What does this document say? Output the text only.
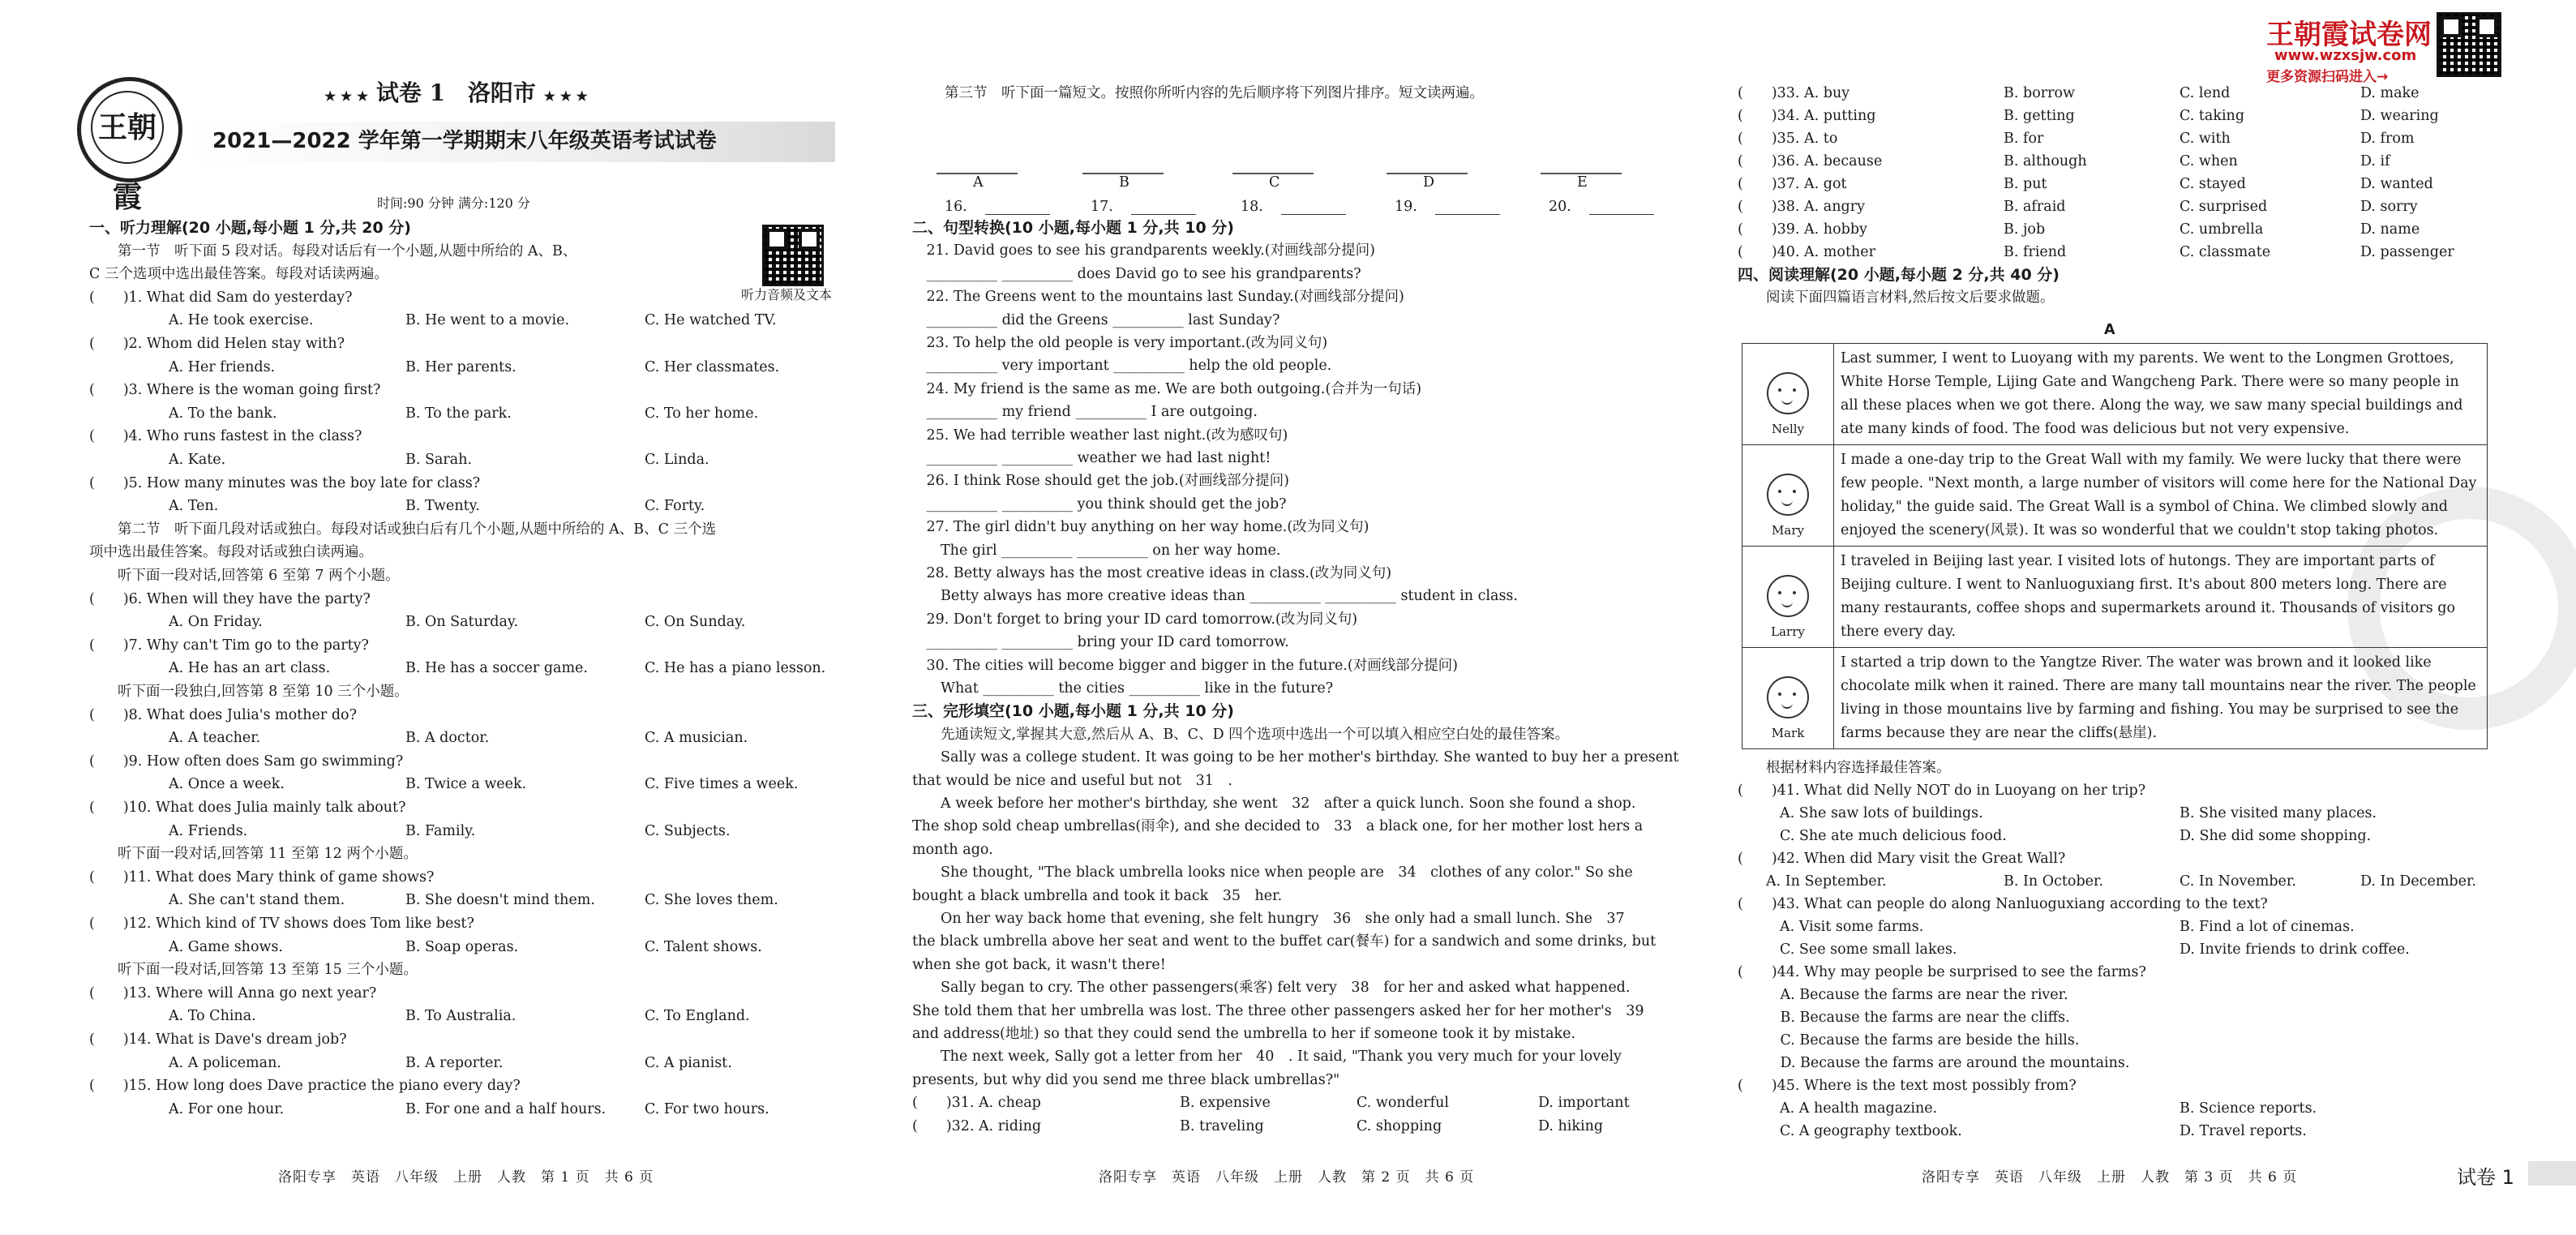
王朝霞
★ ★ ★ 试卷 1 洛阳市 ★ ★ ★
2021—2022 学年第一学期期末八年级英语考试试卷
时间:90 分钟 满分:120 分
听力音频及文本
王朝霞试卷网
www.wzxsjw.com
更多资源扫码进入→
一、听力理解(20 小题,每小题 1 分,共 20 分)
　　第一节　听下面 5 段对话。每段对话后有一个小题,从题中所给的 A、B、
C 三个选项中选出最佳答案。每段对话读两遍。
(　　)1. What did Sam do yesterday?
A. He took exercise.	B. He went to a movie.	C. He watched TV.
(　　)2. Whom did Helen stay with?
A. Her friends.	B. Her parents.	C. Her classmates.
(　　)3. Where is the woman going first?
A. To the bank.	B. To the park.	C. To her home.
(　　)4. Who runs fastest in the class?
A. Kate.	B. Sarah.	C. Linda.
(　　)5. How many minutes was the boy late for class?
A. Ten.	B. Twenty.	C. Forty.
　　第二节　听下面几段对话或独白。每段对话或独白后有几个小题,从题中所给的 A、B、C 三个选
项中选出最佳答案。每段对话或独白读两遍。
　　听下面一段对话,回答第 6 至第 7 两个小题。
(　　)6. When will they have the party?
A. On Friday.	B. On Saturday.	C. On Sunday.
(　　)7. Why can't Tim go to the party?
A. He has an art class.	B. He has a soccer game.	C. He has a piano lesson.
　　听下面一段独白,回答第 8 至第 10 三个小题。
(　　)8. What does Julia's mother do?
A. A teacher.	B. A doctor.	C. A musician.
(　　)9. How often does Sam go swimming?
A. Once a week.	B. Twice a week.	C. Five times a week.
(　　)10. What does Julia mainly talk about?
A. Friends.	B. Family.	C. Subjects.
　　听下面一段对话,回答第 11 至第 12 两个小题。
(　　)11. What does Mary think of game shows?
A. She can't stand them.	B. She doesn't mind them.	C. She loves them.
(　　)12. Which kind of TV shows does Tom like best?
A. Game shows.	B. Soap operas.	C. Talent shows.
　　听下面一段对话,回答第 13 至第 15 三个小题。
(　　)13. Where will Anna go next year?
A. To China.	B. To Australia.	C. To England.
(　　)14. What is Dave's dream job?
A. A policeman.	B. A reporter.	C. A pianist.
(　　)15. How long does Dave practice the piano every day?
A. For one hour.	B. For one and a half hours.	C. For two hours.
第三节　听下面一篇短文。按照你所听内容的先后顺序将下列图片排序。短文读两遍。
A
16.
B
17.
C
18.
D
19.
E
20.
二、句型转换(10 小题,每小题 1 分,共 10 分)
　21. David goes to see his grandparents weekly.(对画线部分提问)
　__________ __________ does David go to see his grandparents?
　22. The Greens went to the mountains last Sunday.(对画线部分提问)
　__________ did the Greens __________ last Sunday?
　23. To help the old people is very important.(改为同义句)
　__________ very important __________ help the old people.
　24. My friend is the same as me. We are both outgoing.(合并为一句话)
　__________ my friend __________ I are outgoing.
　25. We had terrible weather last night.(改为感叹句)
　__________ __________ weather we had last night!
　26. I think Rose should get the job.(对画线部分提问)
　__________ __________ you think should get the job?
　27. The girl didn't buy anything on her way home.(改为同义句)
　　The girl __________ __________ on her way home.
　28. Betty always has the most creative ideas in class.(改为同义句)
　　Betty always has more creative ideas than __________ __________ student in class.
　29. Don't forget to bring your ID card tomorrow.(改为同义句)
　__________ __________ bring your ID card tomorrow.
　30. The cities will become bigger and bigger in the future.(对画线部分提问)
　　What __________ the cities __________ like in the future?
三、完形填空(10 小题,每小题 1 分,共 10 分)
　　先通读短文,掌握其大意,然后从 A、B、C、D 四个选项中选出一个可以填入相应空白处的最佳答案。
　　Sally was a college student. It was going to be her mother's birthday. She wanted to buy her a present
that would be nice and useful but not　31　.
　　A week before her mother's birthday, she went　32　after a quick lunch. Soon she found a shop.
The shop sold cheap umbrellas(雨伞), and she decided to　33　a black one, for her mother lost hers a
month ago.
　　She thought, "The black umbrella looks nice when people are　34　clothes of any color." So she
bought a black umbrella and took it back　35　her.
　　On her way back home that evening, she felt hungry　36　she only had a small lunch. She　37
the black umbrella above her seat and went to the buffet car(餐车) for a sandwich and some drinks, but
when she got back, it wasn't there!
　　Sally began to cry. The other passengers(乘客) felt very　38　for her and asked what happened.
She told them that her umbrella was lost. The three other passengers asked her for her mother's　39
and address(地址) so that they could send the umbrella to her if someone took it by mistake.
　　The next week, Sally got a letter from her　40　. It said, "Thank you very much for your lovely
presents, but why did you send me three black umbrellas?"
(　　)31. A. cheap	B. expensive	C. wonderful	D. important
(　　)32. A. riding	B. traveling	C. shopping	D. hiking
(　　)33. A. buy	B. borrow	C. lend	D. make
(　　)34. A. putting	B. getting	C. taking	D. wearing
(　　)35. A. to	B. for	C. with	D. from
(　　)36. A. because	B. although	C. when	D. if
(　　)37. A. got	B. put	C. stayed	D. wanted
(　　)38. A. angry	B. afraid	C. surprised	D. sorry
(　　)39. A. hobby	B. job	C. umbrella	D. name
(　　)40. A. mother	B. friend	C. classmate	D. passenger
四、阅读理解(20 小题,每小题 2 分,共 40 分)
　　阅读下面四篇语言材料,然后按文后要求做题。
A
　　根据材料内容选择最佳答案。
(　　)41. What did Nelly NOT do in Luoyang on her trip?
A. She saw lots of buildings.	B. She visited many places.
C. She ate much delicious food.	D. She did some shopping.
(　　)42. When did Mary visit the Great Wall?
　　A. In September.	B. In October.	C. In November.	D. In December.
(　　)43. What can people do along Nanluoguxiang according to the text?
A. Visit some farms.	B. Find a lot of cinemas.
C. See some small lakes.	D. Invite friends to drink coffee.
(　　)44. Why may people be surprised to see the farms?
　　　A. Because the farms are near the river.
　　　B. Because the farms are near the cliffs.
　　　C. Because the farms are beside the hills.
　　　D. Because the farms are around the mountains.
(　　)45. Where is the text most possibly from?
A. A health magazine.	B. Science reports.
C. A geography textbook.	D. Travel reports.
Nelly	Last summer, I went to Luoyang with my parents. We went to the Longmen Grottoes, White Horse Temple, Lijing Gate and Wangcheng Park. There were so many people in all these places when we got there. Along the way, we saw many special buildings and ate many kinds of food. The food was delicious but not very expensive.

Mary	I made a one-day trip to the Great Wall with my family. We were lucky that there were few people. "Next month, a large number of visitors will come here for the National Day holiday," the guide said. The Great Wall is a symbol of China. We climbed slowly and enjoyed the scenery(风景). It was so wonderful that we couldn't stop taking photos.

Larry	I traveled in Beijing last year. I visited lots of hutongs. They are important parts of Beijing culture. I went to Nanluoguxiang first. It's about 800 meters long. There are many restaurants, coffee shops and supermarkets around it. Thousands of visitors go there every day.

Mark	I started a trip down to the Yangtze River. The water was brown and it looked like chocolate milk when it rained. There are many tall mountains near the river. The people living in those mountains live by farming and fishing. You may be surprised to see the farms because they are near the cliffs(悬崖).
洛阳专享　英语　八年级　上册　人教　第 1 页　共 6 页	洛阳专享　英语　八年级　上册　人教　第 2 页　共 6 页	洛阳专享　英语　八年级　上册　人教　第 3 页　共 6 页	试卷 1
